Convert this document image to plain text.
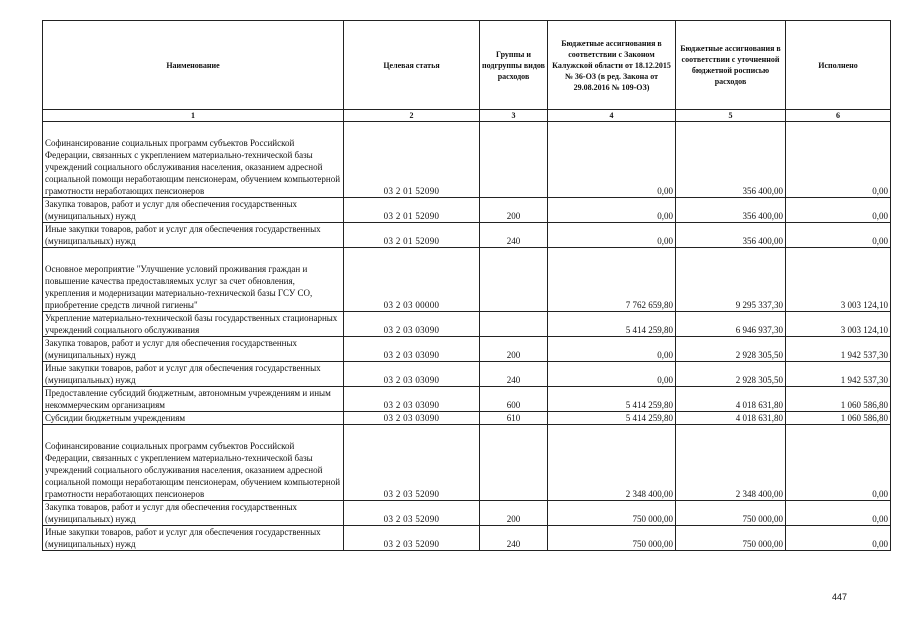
Наименование	Целевая статья	Группы и подгруппы видов расходов	Бюджетные ассигнования в соответствии с Законом Калужской области от 18.12.2015 № 36-ОЗ (в ред. Закона от 29.08.2016 № 109-ОЗ)	Бюджетные ассигнования в соответствии с уточненной бюджетной росписью расходов	Исполнено
1	2	3	4	5	6
Софинансирование социальных программ субъектов Российской Федерации, связанных с укреплением материально-технической базы учреждений социального обслуживания населения, оказанием адресной социальной помощи неработающим пенсионерам, обучением компьютерной грамотности неработающих пенсионеров	03 2 01 52090		0,00	356 400,00	0,00
Закупка товаров, работ и услуг для обеспечения государственных (муниципальных) нужд	03 2 01 52090	200	0,00	356 400,00	0,00
Иные закупки товаров, работ и услуг для обеспечения государственных (муниципальных) нужд	03 2 01 52090	240	0,00	356 400,00	0,00
Основное мероприятие "Улучшение условий проживания граждан и повышение качества предоставляемых услуг за счет обновления, укрепления и модернизации материально-технической базы ГСУ СО, приобретение средств личной гигиены"	03 2 03 00000		7 762 659,80	9 295 337,30	3 003 124,10
Укрепление материально-технической базы государственных стационарных учреждений социального обслуживания	03 2 03 03090		5 414 259,80	6 946 937,30	3 003 124,10
Закупка товаров, работ и услуг для обеспечения государственных (муниципальных) нужд	03 2 03 03090	200	0,00	2 928 305,50	1 942 537,30
Иные закупки товаров, работ и услуг для обеспечения государственных (муниципальных) нужд	03 2 03 03090	240	0,00	2 928 305,50	1 942 537,30
Предоставление субсидий бюджетным, автономным учреждениям и иным некоммерческим организациям	03 2 03 03090	600	5 414 259,80	4 018 631,80	1 060 586,80
Субсидии бюджетным учреждениям	03 2 03 03090	610	5 414 259,80	4 018 631,80	1 060 586,80
Софинансирование социальных программ субъектов Российской Федерации, связанных с укреплением материально-технической базы учреждений социального обслуживания населения, оказанием адресной социальной помощи неработающим пенсионерам, обучением компьютерной грамотности неработающих пенсионеров	03 2 03 52090		2 348 400,00	2 348 400,00	0,00
Закупка товаров, работ и услуг для обеспечения государственных (муниципальных) нужд	03 2 03 52090	200	750 000,00	750 000,00	0,00
Иные закупки товаров, работ и услуг для обеспечения государственных (муниципальных) нужд	03 2 03 52090	240	750 000,00	750 000,00	0,00
447
